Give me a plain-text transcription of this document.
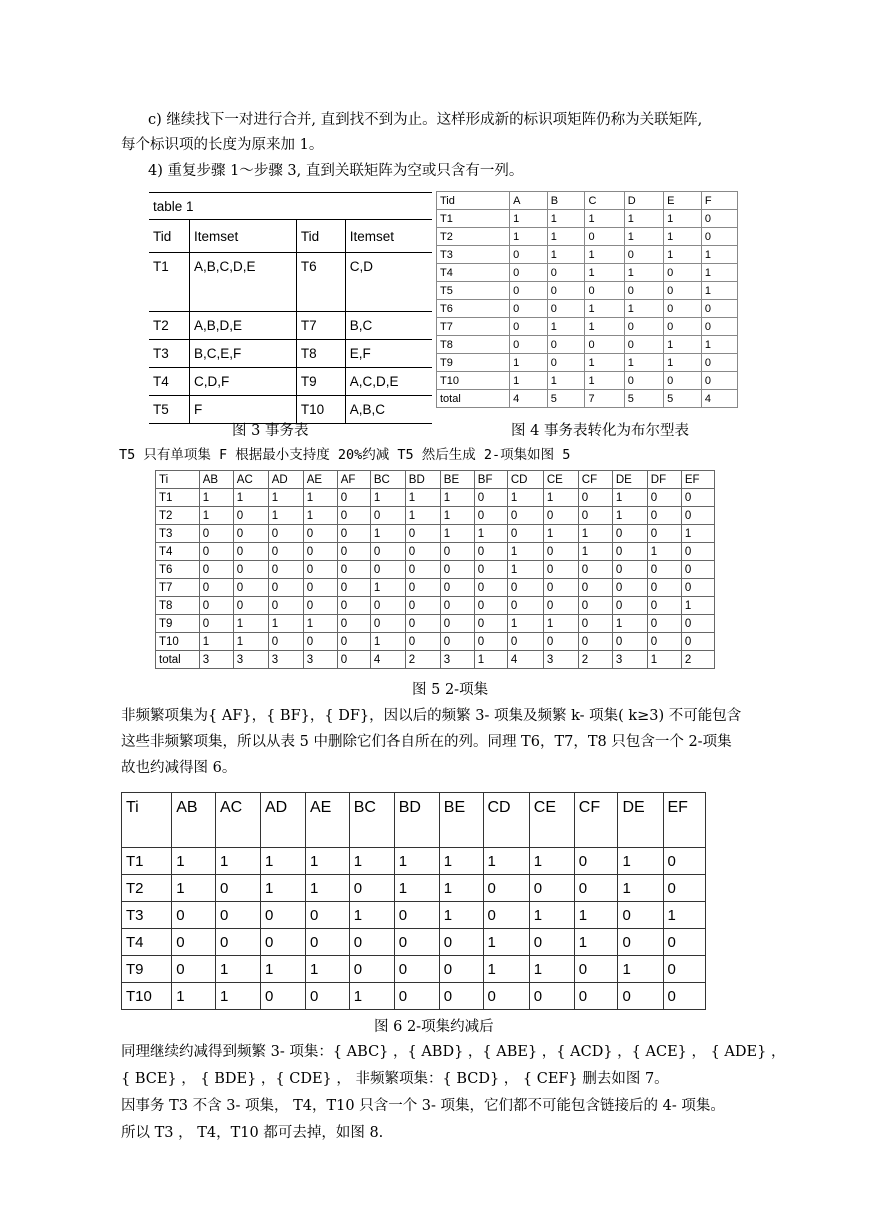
c) 继续找下一对进行合并, 直到找不到为止。这样形成新的标识项矩阵仍称为关联矩阵,
每个标识项的长度为原来加 1。
4) 重复步骤 1～步骤 3, 直到关联矩阵为空或只含有一列。
table 1			
Tid	Itemset	Tid	Itemset
T1	A,B,C,D,E	T6	C,D
T2	A,B,D,E	T7	B,C
T3	B,C,E,F	T8	E,F
T4	C,D,F	T9	A,C,D,E
T5	F	T10	A,B,C
Tid	A	B	C	D	E	F
T1	1	1	1	1	1	0
T2	1	1	0	1	1	0
T3	0	1	1	0	1	1
T4	0	0	1	1	0	1
T5	0	0	0	0	0	1
T6	0	0	1	1	0	0
T7	0	1	1	0	0	0
T8	0	0	0	0	1	1
T9	1	0	1	1	1	0
T10	1	1	1	0	0	0
total	4	5	7	5	5	4
图 3 事务表	图 4 事务表转化为布尔型表
T5 只有单项集 F 根据最小支持度 20%约减 T5 然后生成 2-项集如图 5
Ti	AB	AC	AD	AE	AF	BC	BD	BE	BF	CD	CE	CF	DE	DF	EF
T1	1	1	1	1	0	1	1	1	0	1	1	0	1	0	0
T2	1	0	1	1	0	0	1	1	0	0	0	0	1	0	0
T3	0	0	0	0	0	1	0	1	1	0	1	1	0	0	1
T4	0	0	0	0	0	0	0	0	0	1	0	1	0	1	0
T6	0	0	0	0	0	0	0	0	0	1	0	0	0	0	0
T7	0	0	0	0	0	1	0	0	0	0	0	0	0	0	0
T8	0	0	0	0	0	0	0	0	0	0	0	0	0	0	1
T9	0	1	1	1	0	0	0	0	0	1	1	0	1	0	0
T10	1	1	0	0	0	1	0	0	0	0	0	0	0	0	0
total	3	3	3	3	0	4	2	3	1	4	3	2	3	1	2
图 5 2-项集
非频繁项集为{ AF}，{ BF}，{ DF}，因以后的频繁 3- 项集及频繁 k- 项集( k≥3) 不可能包含
这些非频繁项集，所以从表 5 中删除它们各自所在的列。同理 T6，T7，T8 只包含一个 2-项集
故也约减得图 6。
Ti	AB	AC	AD	AE	BC	BD	BE	CD	CE	CF	DE	EF
T1	1	1	1	1	1	1	1	1	1	0	1	0
T2	1	0	1	1	0	1	1	0	0	0	1	0
T3	0	0	0	0	1	0	1	0	1	1	0	1
T4	0	0	0	0	0	0	0	1	0	1	0	0
T9	0	1	1	1	0	0	0	1	1	0	1	0
T10	1	1	0	0	1	0	0	0	0	0	0	0
图 6 2-项集约减后
同理继续约减得到频繁 3- 项集：{ ABC} ，{ ABD} ，{ ABE} ，{ ACD} ，{ ACE} ， { ADE} ，
{ BCE} ， { BDE} ，{ CDE} ， 非频繁项集：{ BCD} ， { CEF} 删去如图 7。
因事务 T3 不含 3- 项集， T4，T10 只含一个 3- 项集，它们都不可能包含链接后的 4- 项集。
所以 T3 ， T4，T10 都可去掉，如图 8.
